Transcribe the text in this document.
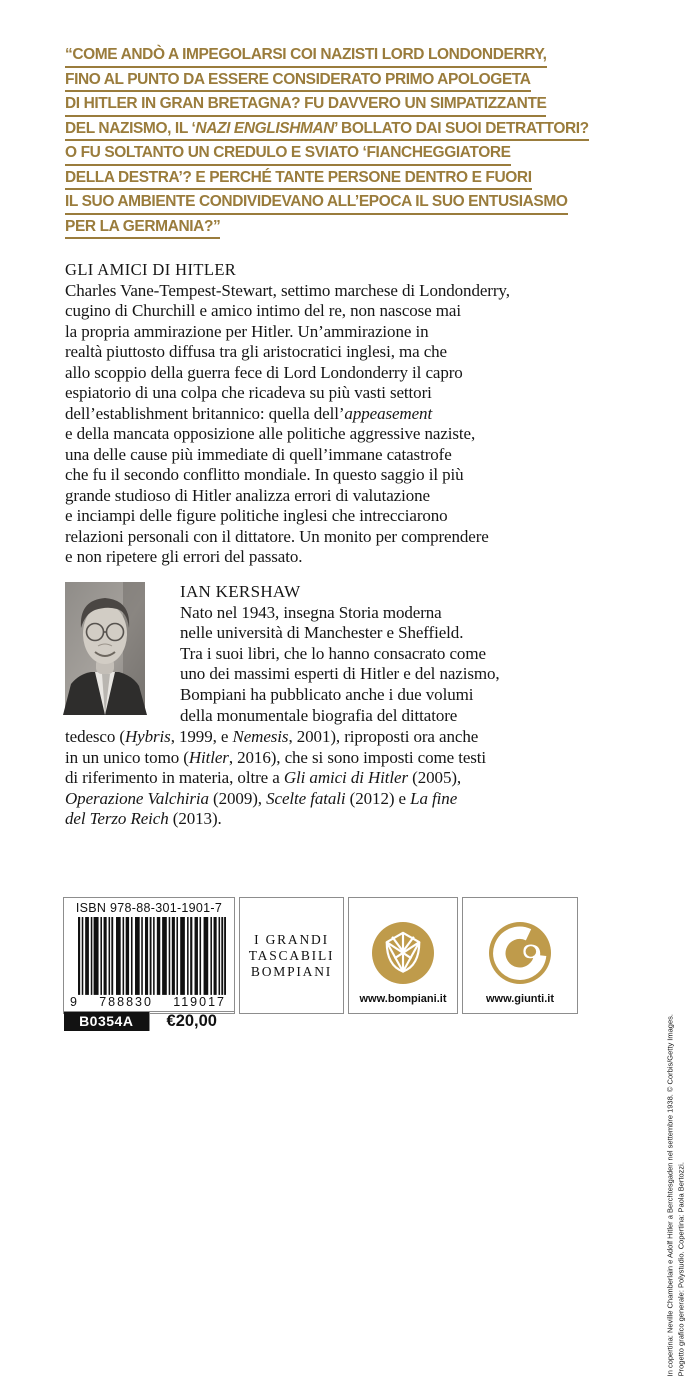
“COME ANDÒ A IMPEGOLARSI COI NAZISTI LORD LONDONDERRY,
FINO AL PUNTO DA ESSERE CONSIDERATO PRIMO APOLOGETA
DI HITLER IN GRAN BRETAGNA? FU DAVVERO UN SIMPATIZZANTE
DEL NAZISMO, IL ‘NAZI ENGLISHMAN’ BOLLATO DAI SUOI DETRATTORI?
O FU SOLTANTO UN CREDULO E SVIATO ‘FIANCHEGGIATORE
DELLA DESTRA’? E PERCHÉ TANTE PERSONE DENTRO E FUORI
IL SUO AMBIENTE CONDIVIDEVANO ALL’EPOCA IL SUO ENTUSIASMO
PER LA GERMANIA?”
GLI AMICI DI HITLER
Charles Vane-Tempest-Stewart, settimo marchese di Londonderry,
cugino di Churchill e amico intimo del re, non nascose mai
la propria ammirazione per Hitler. Un’ammirazione in
realtà piuttosto diffusa tra gli aristocratici inglesi, ma che
allo scoppio della guerra fece di Lord Londonderry il capro
espiatorio di una colpa che ricadeva su più vasti settori
dell’establishment britannico: quella dell’appeasement
e della mancata opposizione alle politiche aggressive naziste,
una delle cause più immediate di quell’immane catastrofe
che fu il secondo conflitto mondiale. In questo saggio il più
grande studioso di Hitler analizza errori di valutazione
e inciampi delle figure politiche inglesi che intrecciarono
relazioni personali con il dittatore. Un monito per comprendere
e non ripetere gli errori del passato.
IAN KERSHAW
Nato nel 1943, insegna Storia moderna
nelle università di Manchester e Sheffield.
Tra i suoi libri, che lo hanno consacrato come
uno dei massimi esperti di Hitler e del nazismo,
Bompiani ha pubblicato anche i due volumi
della monumentale biografia del dittatore
tedesco (Hybris, 1999, e Nemesis, 2001), riproposti ora anche
in un unico tomo (Hitler, 2016), che si sono imposti come testi
di riferimento in materia, oltre a Gli amici di Hitler (2005),
Operazione Valchiria (2009), Scelte fatali (2012) e La fine
del Terzo Reich (2013).
ISBN 978-88-301-1901-7
9 788830 119017
B0354A	€20,00
I GRANDI
TASCABILI
BOMPIANI
www.bompiani.it	www.giunti.it
In copertina: Neville Chamberlain e Adolf Hitler a Berchtesgaden nel settembre 1938. © Corbis/Getty Images. Progetto grafico generale: Polystudio. Copertina: Paola Bertozzi.
